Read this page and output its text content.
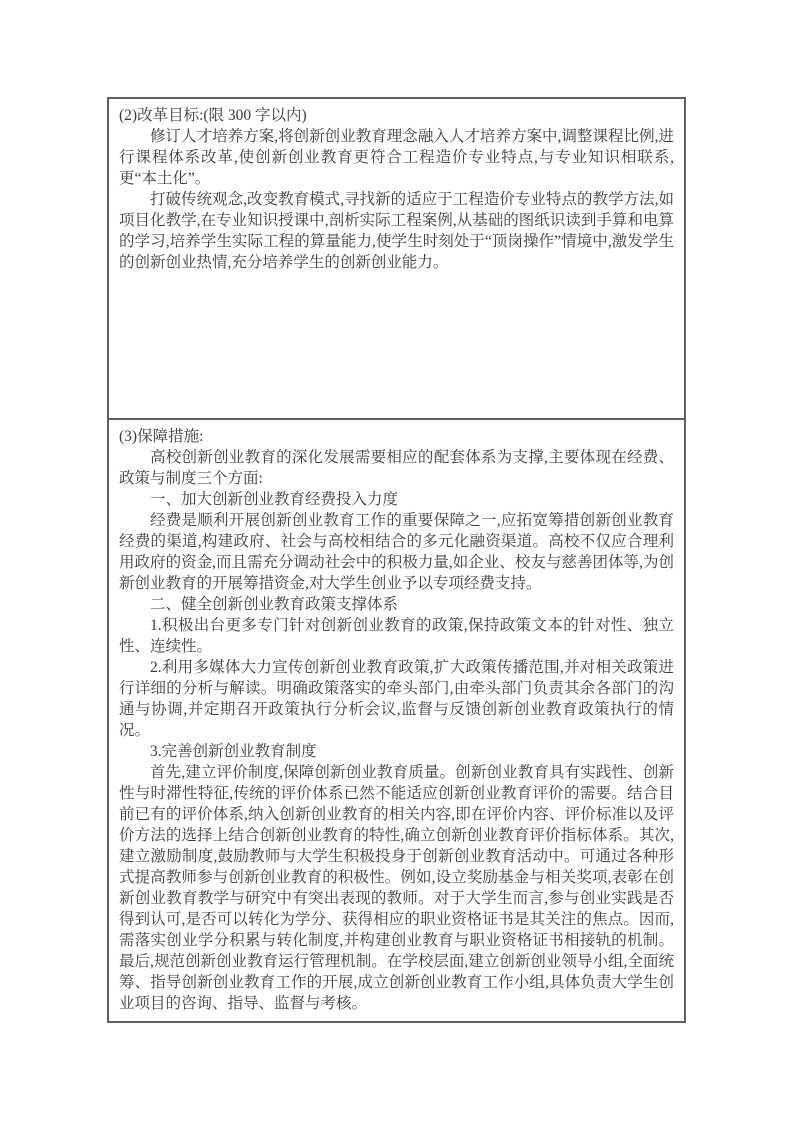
(2)改革目标:(限 300 字以内)

修订人才培养方案,将创新创业教育理念融入人才培养方案中,调整课程比例,进行课程体系改革,使创新创业教育更符合工程造价专业特点,与专业知识相联系,更“本土化”。

打破传统观念,改变教育模式,寻找新的适应于工程造价专业特点的教学方法,如项目化教学,在专业知识授课中,剖析实际工程案例,从基础的图纸识读到手算和电算的学习,培养学生实际工程的算量能力,使学生时刻处于“顶岗操作”情境中,激发学生的创新创业热情,充分培养学生的创新创业能力。

(3)保障措施:

高校创新创业教育的深化发展需要相应的配套体系为支撑,主要体现在经费、政策与制度三个方面:

一、加大创新创业教育经费投入力度

经费是顺利开展创新创业教育工作的重要保障之一,应拓宽筹措创新创业教育经费的渠道,构建政府、社会与高校相结合的多元化融资渠道。高校不仅应合理利用政府的资金,而且需充分调动社会中的积极力量,如企业、校友与慈善团体等,为创新创业教育的开展筹措资金,对大学生创业予以专项经费支持。

二、健全创新创业教育政策支撑体系

1.积极出台更多专门针对创新创业教育的政策,保持政策文本的针对性、独立性、连续性。

2.利用多媒体大力宣传创新创业教育政策,扩大政策传播范围,并对相关政策进行详细的分析与解读。明确政策落实的牵头部门,由牵头部门负责其余各部门的沟通与协调,并定期召开政策执行分析会议,监督与反馈创新创业教育政策执行的情况。

3.完善创新创业教育制度

首先,建立评价制度,保障创新创业教育质量。创新创业教育具有实践性、创新性与时滞性特征,传统的评价体系已然不能适应创新创业教育评价的需要。结合目前已有的评价体系,纳入创新创业教育的相关内容,即在评价内容、评价标准以及评价方法的选择上结合创新创业教育的特性,确立创新创业教育评价指标体系。其次,建立激励制度,鼓励教师与大学生积极投身于创新创业教育活动中。可通过各种形式提高教师参与创新创业教育的积极性。例如,设立奖励基金与相关奖项,表彰在创新创业教育教学与研究中有突出表现的教师。对于大学生而言,参与创业实践是否得到认可,是否可以转化为学分、获得相应的职业资格证书是其关注的焦点。因而,需落实创业学分积累与转化制度,并构建创业教育与职业资格证书相接轨的机制。最后,规范创新创业教育运行管理机制。在学校层面,建立创新创业领导小组,全面统筹、指导创新创业教育工作的开展,成立创新创业教育工作小组,具体负责大学生创业项目的咨询、指导、监督与考核。
